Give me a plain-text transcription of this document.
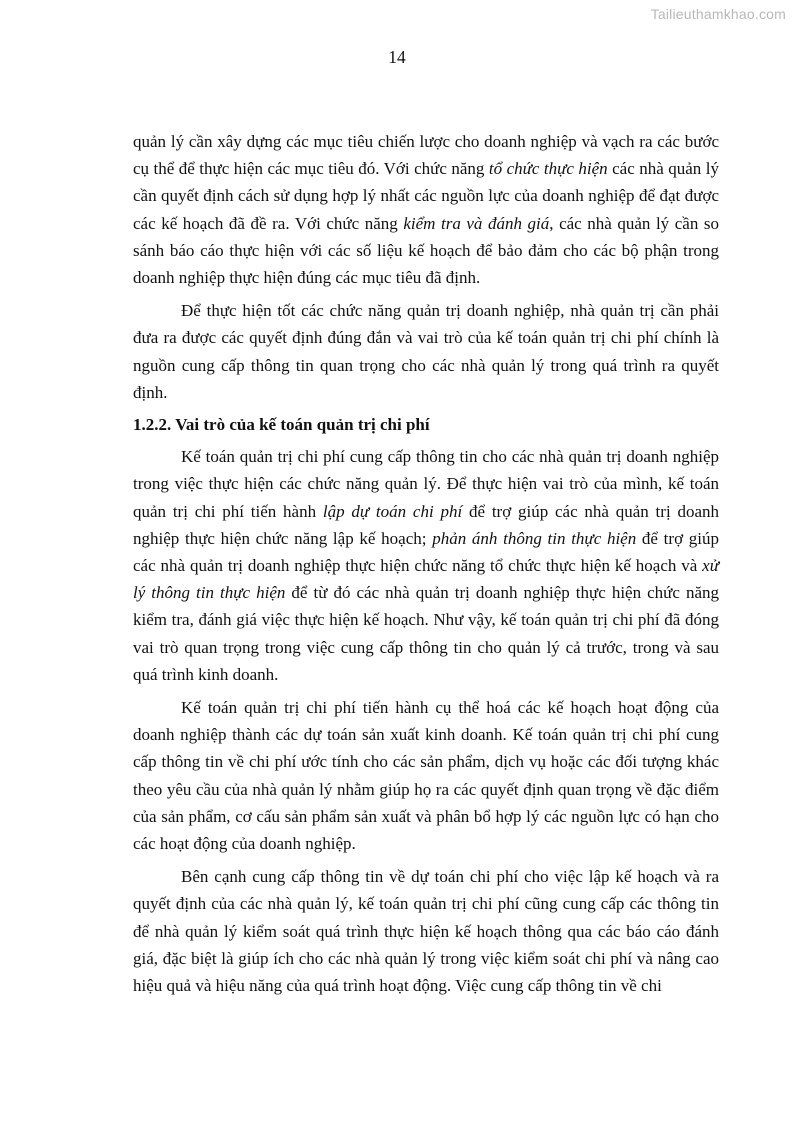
Tailieuthamkhao.com
14

quản lý cần xây dựng các mục tiêu chiến lược cho doanh nghiệp và vạch ra các bước cụ thể để thực hiện các mục tiêu đó. Với chức năng tổ chức thực hiện các nhà quản lý cần quyết định cách sử dụng hợp lý nhất các nguồn lực của doanh nghiệp để đạt được các kế hoạch đã đề ra. Với chức năng kiểm tra và đánh giá, các nhà quản lý cần so sánh báo cáo thực hiện với các số liệu kế hoạch để bảo đảm cho các bộ phận trong doanh nghiệp thực hiện đúng các mục tiêu đã định.

Để thực hiện tốt các chức năng quản trị doanh nghiệp, nhà quản trị cần phải đưa ra được các quyết định đúng đắn và vai trò của kế toán quản trị chi phí chính là nguồn cung cấp thông tin quan trọng cho các nhà quản lý trong quá trình ra quyết định.

1.2.2. Vai trò của kế toán quản trị chi phí

Kế toán quản trị chi phí cung cấp thông tin cho các nhà quản trị doanh nghiệp trong việc thực hiện các chức năng quản lý. Để thực hiện vai trò của mình, kế toán quản trị chi phí tiến hành lập dự toán chi phí để trợ giúp các nhà quản trị doanh nghiệp thực hiện chức năng lập kế hoạch; phản ánh thông tin thực hiện để trợ giúp các nhà quản trị doanh nghiệp thực hiện chức năng tổ chức thực hiện kế hoạch và xử lý thông tin thực hiện để từ đó các nhà quản trị doanh nghiệp thực hiện chức năng kiểm tra, đánh giá việc thực hiện kế hoạch. Như vậy, kế toán quản trị chi phí đã đóng vai trò quan trọng trong việc cung cấp thông tin cho quản lý cả trước, trong và sau quá trình kinh doanh.

Kế toán quản trị chi phí tiến hành cụ thể hoá các kế hoạch hoạt động của doanh nghiệp thành các dự toán sản xuất kinh doanh. Kế toán quản trị chi phí cung cấp thông tin về chi phí ước tính cho các sản phẩm, dịch vụ hoặc các đối tượng khác theo yêu cầu của nhà quản lý nhằm giúp họ ra các quyết định quan trọng về đặc điểm của sản phẩm, cơ cấu sản phẩm sản xuất và phân bổ hợp lý các nguồn lực có hạn cho các hoạt động của doanh nghiệp.

Bên cạnh cung cấp thông tin về dự toán chi phí cho việc lập kế hoạch và ra quyết định của các nhà quản lý, kế toán quản trị chi phí cũng cung cấp các thông tin để nhà quản lý kiểm soát quá trình thực hiện kế hoạch thông qua các báo cáo đánh giá, đặc biệt là giúp ích cho các nhà quản lý trong việc kiểm soát chi phí và nâng cao hiệu quả và hiệu năng của quá trình hoạt động. Việc cung cấp thông tin về chi
